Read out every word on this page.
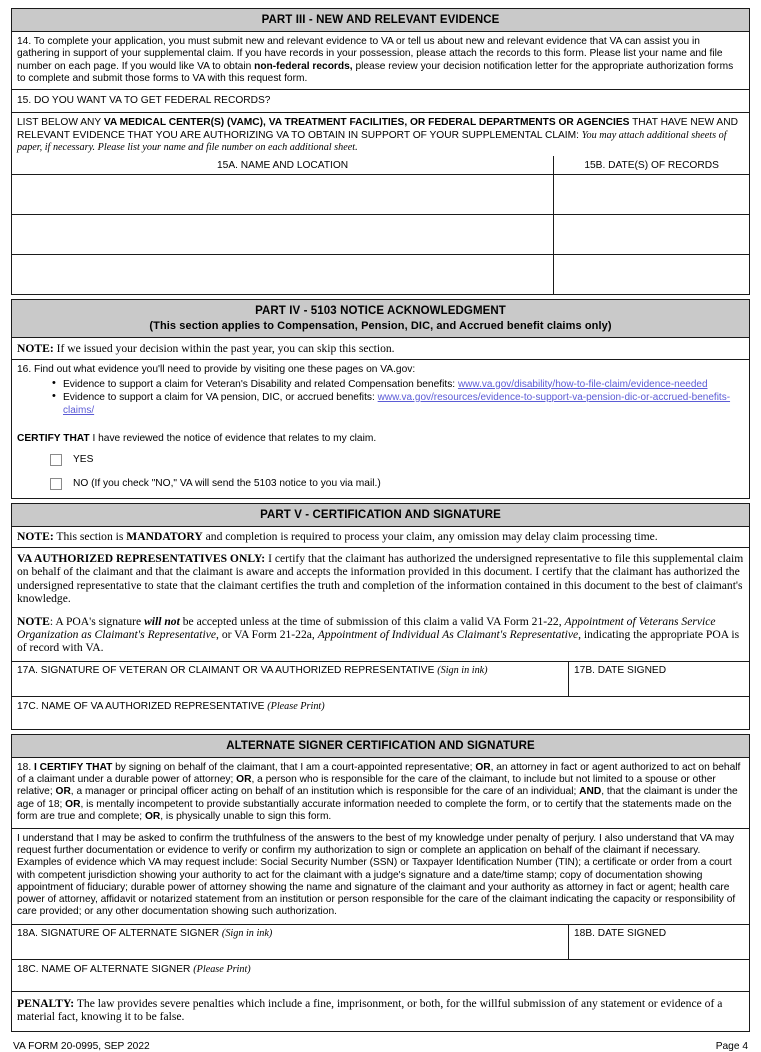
PART III - NEW AND RELEVANT EVIDENCE
14. To complete your application, you must submit new and relevant evidence to VA or tell us about new and relevant evidence that VA can assist you in gathering in support of your supplemental claim. If you have records in your possession, please attach the records to this form. Please list your name and file number on each page. If you would like VA to obtain non-federal records, please review your decision notification letter for the appropriate authorization forms to complete and submit those forms to VA with this request form.
15. DO YOU WANT VA TO GET FEDERAL RECORDS?
LIST BELOW ANY VA MEDICAL CENTER(S) (VAMC), VA TREATMENT FACILITIES, OR FEDERAL DEPARTMENTS OR AGENCIES THAT HAVE NEW AND RELEVANT EVIDENCE THAT YOU ARE AUTHORIZING VA TO OBTAIN IN SUPPORT OF YOUR SUPPLEMENTAL CLAIM: You may attach additional sheets of paper, if necessary. Please list your name and file number on each additional sheet.
15A. NAME AND LOCATION	15B. DATE(S) OF RECORDS

PART IV - 5103 NOTICE ACKNOWLEDGMENT
(This section applies to Compensation, Pension, DIC, and Accrued benefit claims only)
NOTE: If we issued your decision within the past year, you can skip this section.
16. Find out what evidence you'll need to provide by visiting one these pages on VA.gov:
• Evidence to support a claim for Veteran's Disability and related Compensation benefits: www.va.gov/disability/how-to-file-claim/evidence-needed
• Evidence to support a claim for VA pension, DIC, or accrued benefits: www.va.gov/resources/evidence-to-support-va-pension-dic-or-accrued-benefits-claims/
CERTIFY THAT I have reviewed the notice of evidence that relates to my claim.
YES
NO (If you check "NO," VA will send the 5103 notice to you via mail.)
PART V - CERTIFICATION AND SIGNATURE
NOTE: This section is MANDATORY and completion is required to process your claim, any omission may delay claim processing time.
VA AUTHORIZED REPRESENTATIVES ONLY: I certify that the claimant has authorized the undersigned representative to file this supplemental claim on behalf of the claimant and that the claimant is aware and accepts the information provided in this document. I certify that the claimant has authorized the undersigned representative to state that the claimant certifies the truth and completion of the information contained in this document to the best of claimant's knowledge.
NOTE: A POA's signature will not be accepted unless at the time of submission of this claim a valid VA Form 21-22, Appointment of Veterans Service Organization as Claimant's Representative, or VA Form 21-22a, Appointment of Individual As Claimant's Representative, indicating the appropriate POA is of record with VA.
17A. SIGNATURE OF VETERAN OR CLAIMANT OR VA AUTHORIZED REPRESENTATIVE (Sign in ink)	17B. DATE SIGNED
17C. NAME OF VA AUTHORIZED REPRESENTATIVE (Please Print)
ALTERNATE SIGNER CERTIFICATION AND SIGNATURE
18. I CERTIFY THAT by signing on behalf of the claimant, that I am a court-appointed representative; OR, an attorney in fact or agent authorized to act on behalf of a claimant under a durable power of attorney; OR, a person who is responsible for the care of the claimant, to include but not limited to a spouse or other relative; OR, a manager or principal officer acting on behalf of an institution which is responsible for the care of an individual; AND, that the claimant is under the age of 18; OR, is mentally incompetent to provide substantially accurate information needed to complete the form, or to certify that the statements made on the form are true and complete; OR, is physically unable to sign this form.
I understand that I may be asked to confirm the truthfulness of the answers to the best of my knowledge under penalty of perjury. I also understand that VA may request further documentation or evidence to verify or confirm my authorization to sign or complete an application on behalf of the claimant if necessary. Examples of evidence which VA may request include: Social Security Number (SSN) or Taxpayer Identification Number (TIN); a certificate or order from a court with competent jurisdiction showing your authority to act for the claimant with a judge's signature and a date/time stamp; copy of documentation showing appointment of fiduciary; durable power of attorney showing the name and signature of the claimant and your authority as attorney in fact or agent; health care power of attorney, affidavit or notarized statement from an institution or person responsible for the care of the claimant indicating the capacity or responsibility of care provided; or any other documentation showing such authorization.
18A. SIGNATURE OF ALTERNATE SIGNER (Sign in ink)	18B. DATE SIGNED
18C. NAME OF ALTERNATE SIGNER (Please Print)
PENALTY: The law provides severe penalties which include a fine, imprisonment, or both, for the willful submission of any statement or evidence of a material fact, knowing it to be false.
VA FORM 20-0995, SEP 2022	Page 4
